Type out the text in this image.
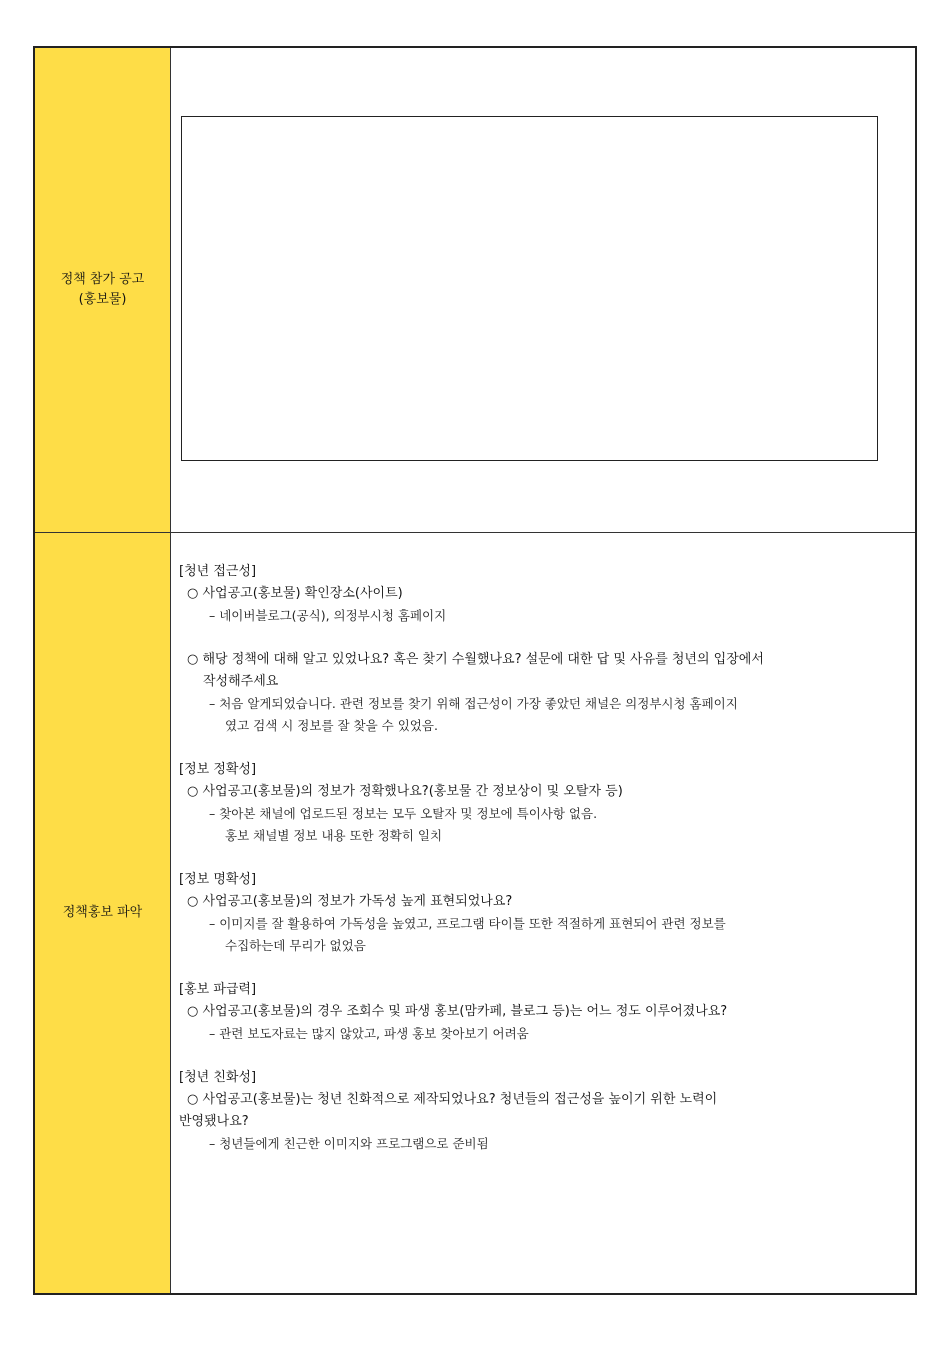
정책 참가 공고
(홍보물)
정책홍보 파악
[청년 접근성]
○ 사업공고(홍보물) 확인장소(사이트)
– 네이버블로그(공식), 의정부시청 홈페이지
○ 해당 정책에 대해 알고 있었나요? 혹은 찾기 수월했나요? 설문에 대한 답 및 사유를 청년의 입장에서
작성해주세요
– 처음 알게되었습니다. 관련 정보를 찾기 위해 접근성이 가장 좋았던 채널은 의정부시청 홈페이지
였고 검색 시 정보를 잘 찾을 수 있었음.
[정보 정확성]
○ 사업공고(홍보물)의 정보가 정확했나요?(홍보물 간 정보상이 및 오탈자 등)
– 찾아본 채널에 업로드된 정보는 모두 오탈자 및 정보에 특이사항 없음.
홍보 채널별 정보 내용 또한 정확히 일치
[정보 명확성]
○ 사업공고(홍보물)의 정보가 가독성 높게 표현되었나요?
– 이미지를 잘 활용하여 가독성을 높였고, 프로그램 타이틀 또한 적절하게 표현되어 관련 정보를
수집하는데 무리가 없었음
[홍보 파급력]
○ 사업공고(홍보물)의 경우 조회수 및 파생 홍보(맘카페, 블로그 등)는 어느 정도 이루어졌나요?
– 관련 보도자료는 많지 않았고, 파생 홍보 찾아보기 어려움
[청년 친화성]
○ 사업공고(홍보물)는 청년 친화적으로 제작되었나요? 청년들의 접근성을 높이기 위한 노력이
반영됐나요?
– 청년들에게 친근한 이미지와 프로그램으로 준비됨
